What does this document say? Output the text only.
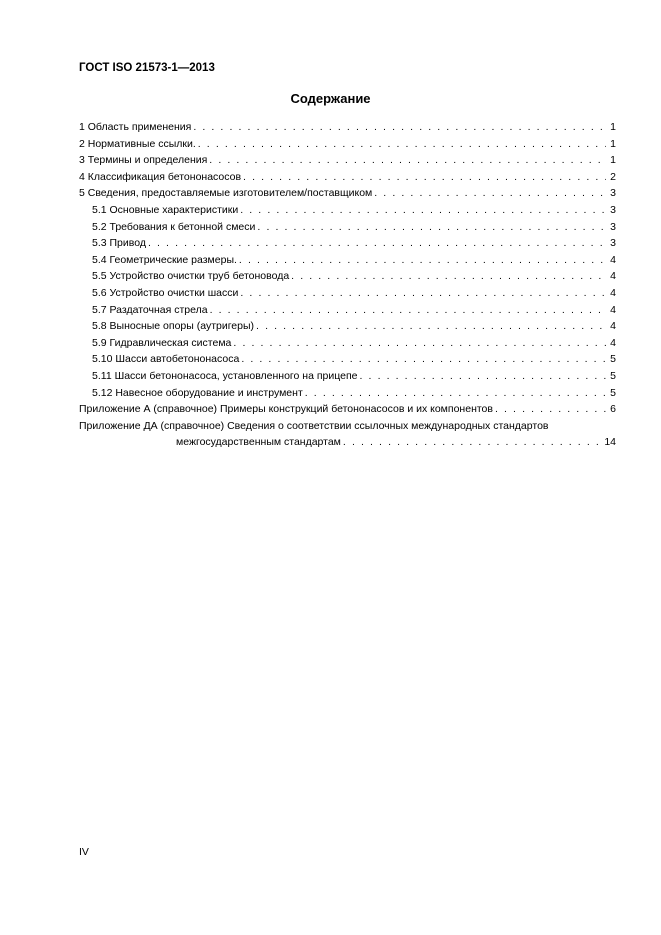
ГОСТ ISO 21573-1—2013
Содержание
1 Область применения . . .	1
2 Нормативные ссылки. . . .	1
3 Термины и определения . . .	1
4 Классификация бетононасосов . . .	2
5 Сведения, предоставляемые изготовителем/поставщиком . . .	3
5.1 Основные характеристики . . .	3
5.2 Требования к бетонной смеси . . .	3
5.3 Привод . . .	3
5.4 Геометрические размеры. . . .	4
5.5 Устройство очистки труб бетоновода . . .	4
5.6 Устройство очистки шасси . . .	4
5.7 Раздаточная стрела . . .	4
5.8 Выносные опоры (аутригеры) . . .	4
5.9 Гидравлическая система . . .	4
5.10 Шасси автобетононасоса . . .	5
5.11 Шасси бетононасоса, установленного на прицепе . . .	5
5.12 Навесное оборудование и инструмент . . .	5
Приложение А (справочное) Примеры конструкций бетононасосов и их компонентов . . .	6
Приложение ДА (справочное) Сведения о соответствии ссылочных международных стандартов
межгосударственным стандартам . . .	14
IV
